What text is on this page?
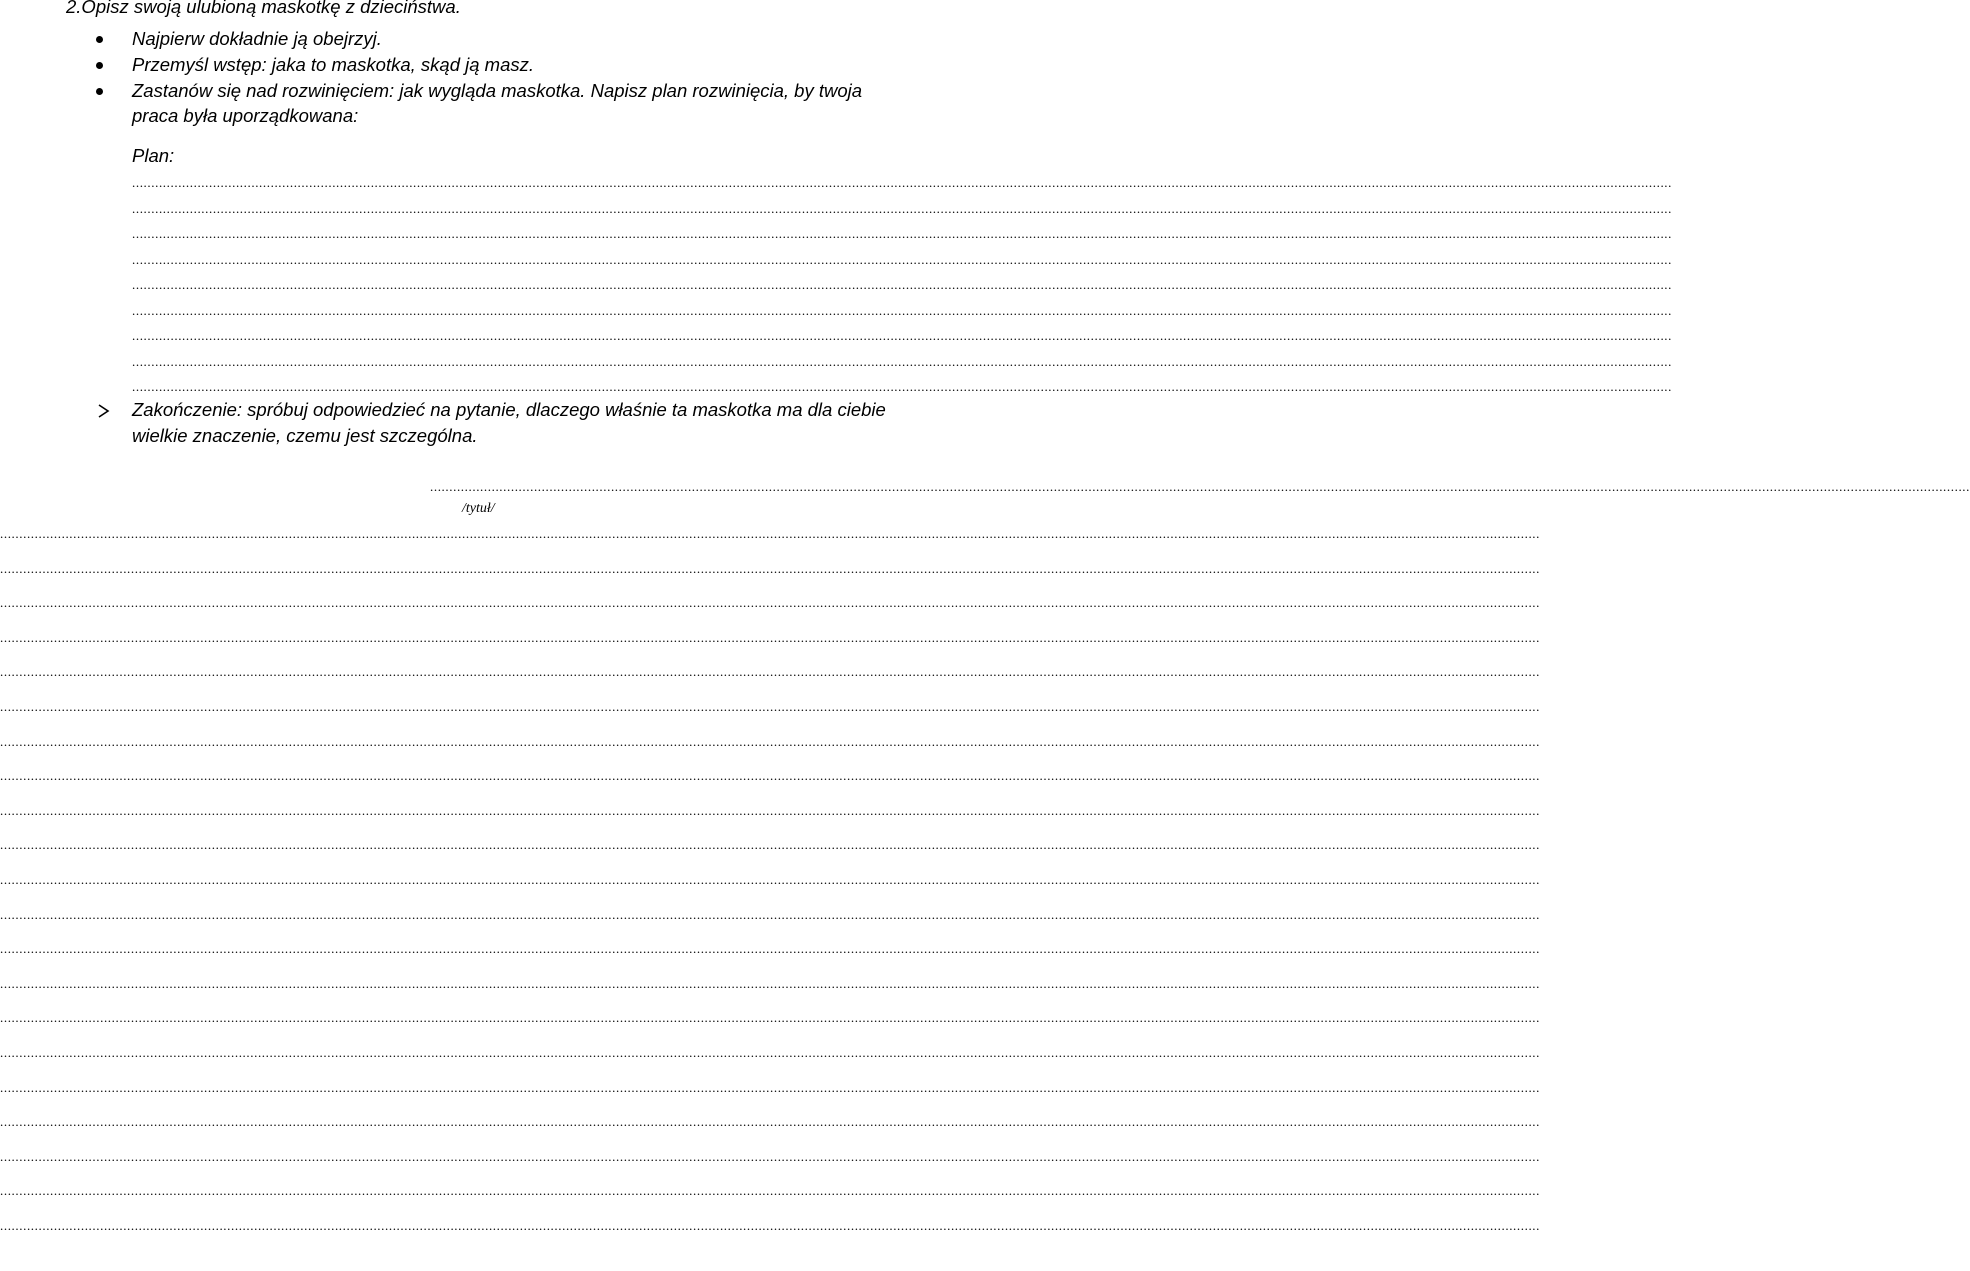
2.Opisz swoją ulubioną maskotkę z dzieciństwa.
Najpierw dokładnie ją obejrzyj.
Przemyśl wstęp: jaka to maskotka, skąd ją masz.
Zastanów się nad rozwinięciem: jak wygląda maskotka. Napisz plan rozwinięcia, by twoja
praca była uporządkowana:
Plan:
................................................................................................................................................................................................................................................................................................................................................................................................................
................................................................................................................................................................................................................................................................................................................................................................................................................
................................................................................................................................................................................................................................................................................................................................................................................................................
................................................................................................................................................................................................................................................................................................................................................................................................................
................................................................................................................................................................................................................................................................................................................................................................................................................
................................................................................................................................................................................................................................................................................................................................................................................................................
................................................................................................................................................................................................................................................................................................................................................................................................................
................................................................................................................................................................................................................................................................................................................................................................................................................
................................................................................................................................................................................................................................................................................................................................................................................................................
Zakończenie: spróbuj odpowiedzieć na pytanie, dlaczego właśnie ta maskotka ma dla ciebie
wielkie znaczenie, czemu jest szczególna.
................................................................................................................................................................................................................................................................................................................................................................................................................
/tytuł/
................................................................................................................................................................................................................................................................................................................................................................................................................
................................................................................................................................................................................................................................................................................................................................................................................................................
................................................................................................................................................................................................................................................................................................................................................................................................................
................................................................................................................................................................................................................................................................................................................................................................................................................
................................................................................................................................................................................................................................................................................................................................................................................................................
................................................................................................................................................................................................................................................................................................................................................................................................................
................................................................................................................................................................................................................................................................................................................................................................................................................
................................................................................................................................................................................................................................................................................................................................................................................................................
................................................................................................................................................................................................................................................................................................................................................................................................................
................................................................................................................................................................................................................................................................................................................................................................................................................
................................................................................................................................................................................................................................................................................................................................................................................................................
................................................................................................................................................................................................................................................................................................................................................................................................................
................................................................................................................................................................................................................................................................................................................................................................................................................
................................................................................................................................................................................................................................................................................................................................................................................................................
................................................................................................................................................................................................................................................................................................................................................................................................................
................................................................................................................................................................................................................................................................................................................................................................................................................
................................................................................................................................................................................................................................................................................................................................................................................................................
................................................................................................................................................................................................................................................................................................................................................................................................................
................................................................................................................................................................................................................................................................................................................................................................................................................
................................................................................................................................................................................................................................................................................................................................................................................................................
................................................................................................................................................................................................................................................................................................................................................................................................................
